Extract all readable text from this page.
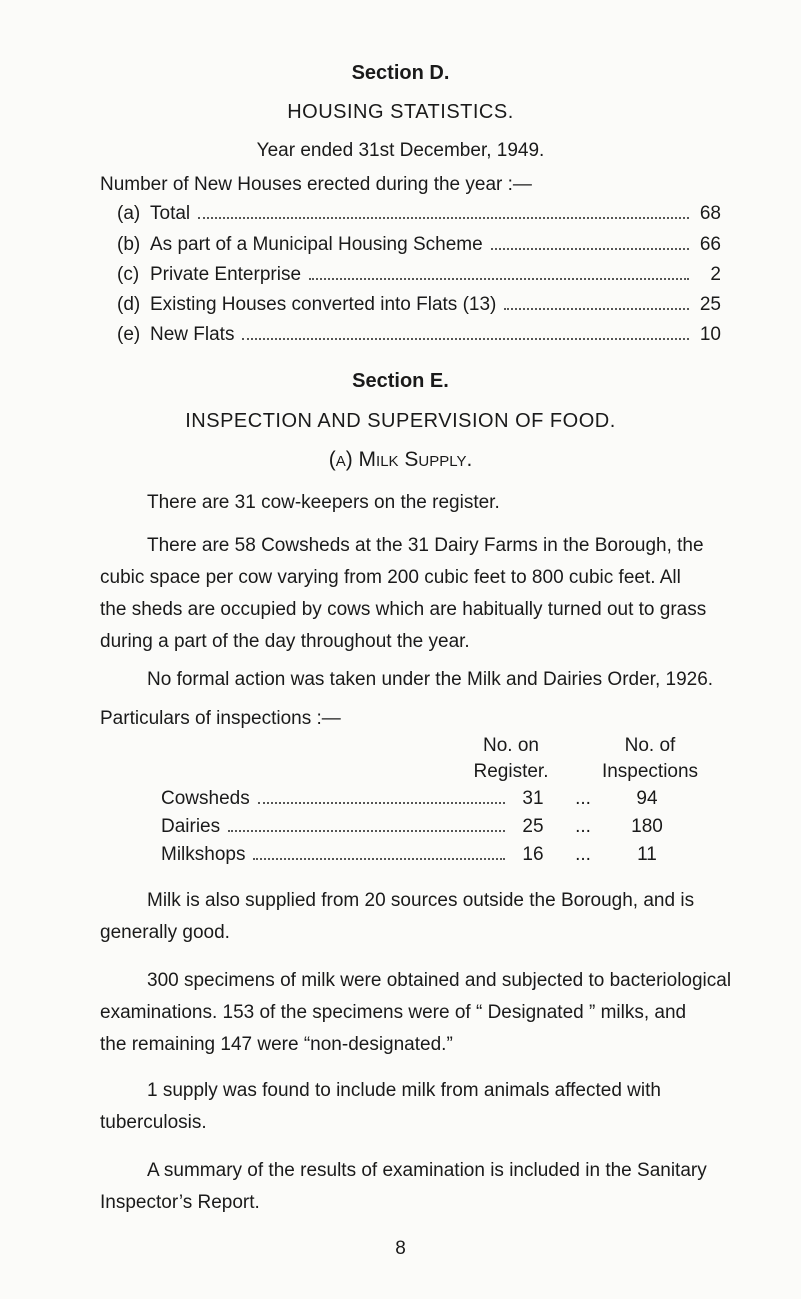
Section D.
HOUSING STATISTICS.
Year ended 31st December, 1949.
Number of New Houses erected during the year :—
(a) Total	68
(b) As part of a Municipal Housing Scheme	66
(c) Private Enterprise	2
(d) Existing Houses converted into Flats (13)	25
(e) New Flats	10
Section E.
INSPECTION AND SUPERVISION OF FOOD.
(a) Milk Supply.
There are 31 cow-keepers on the register.
There are 58 Cowsheds at the 31 Dairy Farms in the Borough, the
cubic space per cow varying from 200 cubic feet to 800 cubic feet. All
the sheds are occupied by cows which are habitually turned out to grass
during a part of the day throughout the year.
No formal action was taken under the Milk and Dairies Order, 1926.
Particulars of inspections :—
No. on
Register.
No. of
Inspections
Cowsheds	31	...	94
Dairies	25	...	180
Milkshops	16	...	11
Milk is also supplied from 20 sources outside the Borough, and is
generally good.
300 specimens of milk were obtained and subjected to bacteriological
examinations. 153 of the specimens were of “ Designated ” milks, and
the remaining 147 were “non-designated.”
1 supply was found to include milk from animals affected with
tuberculosis.
A summary of the results of examination is included in the Sanitary
Inspector’s Report.
8
